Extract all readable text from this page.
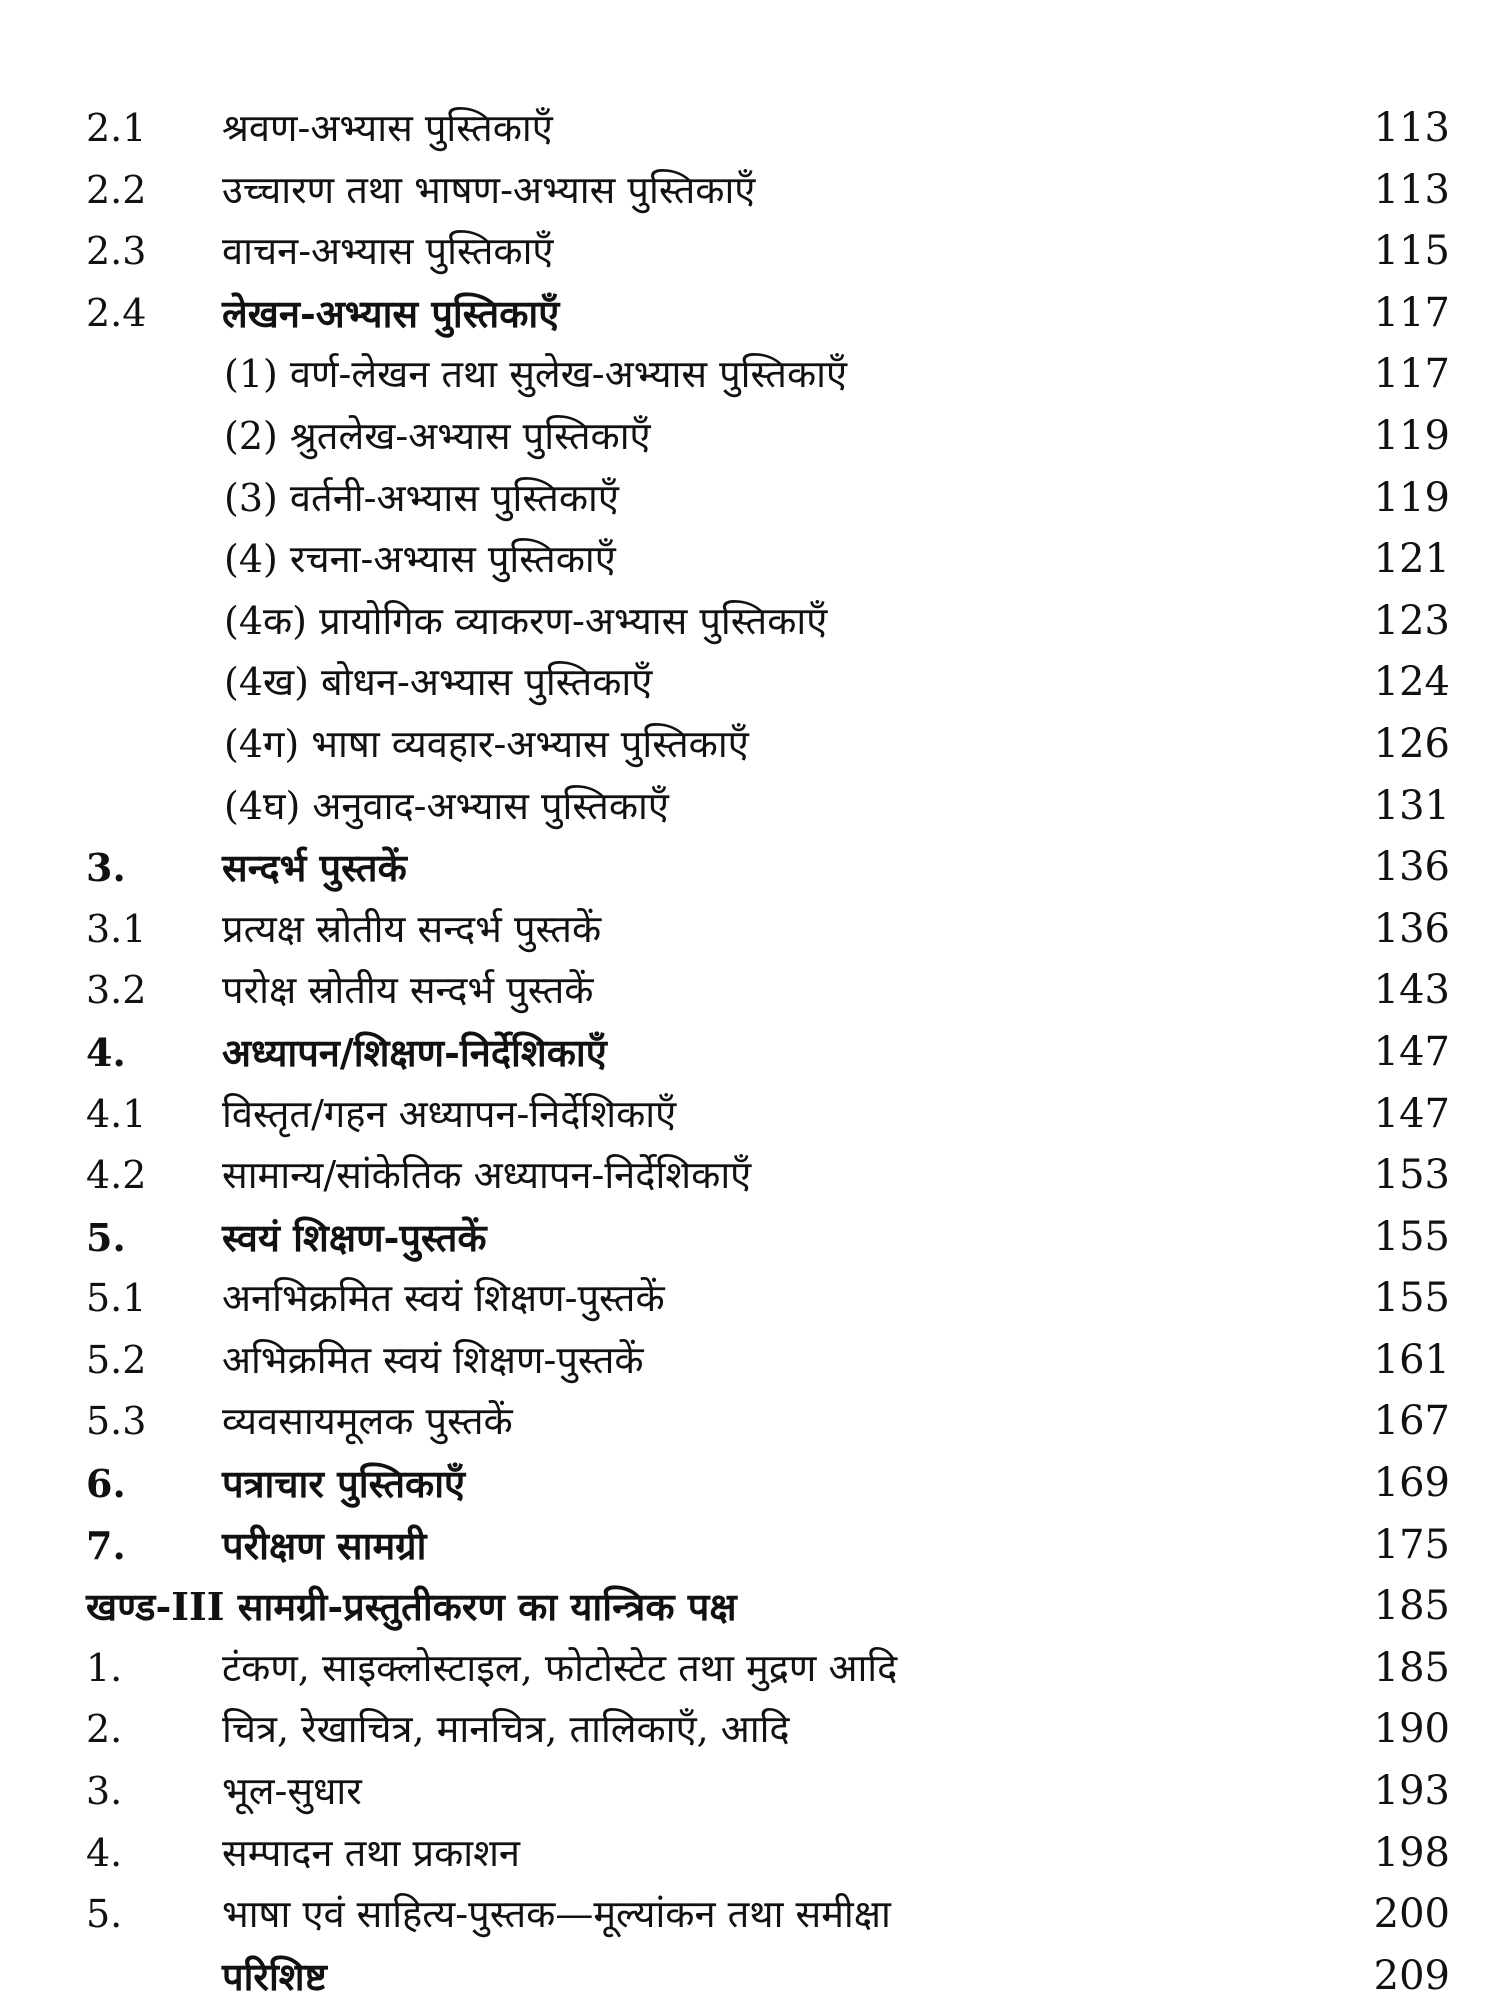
2.1 श्रवण-अभ्यास पुस्तिकाएँ	113
2.2 उच्चारण तथा भाषण-अभ्यास पुस्तिकाएँ	113
2.3 वाचन-अभ्यास पुस्तिकाएँ	115
2.4 लेखन-अभ्यास पुस्तिकाएँ	117
(1) वर्ण-लेखन तथा सुलेख-अभ्यास पुस्तिकाएँ	117
(2) श्रुतलेख-अभ्यास पुस्तिकाएँ	119
(3) वर्तनी-अभ्यास पुस्तिकाएँ	119
(4) रचना-अभ्यास पुस्तिकाएँ	121
(4क) प्रायोगिक व्याकरण-अभ्यास पुस्तिकाएँ	123
(4ख) बोधन-अभ्यास पुस्तिकाएँ	124
(4ग) भाषा व्यवहार-अभ्यास पुस्तिकाएँ	126
(4घ) अनुवाद-अभ्यास पुस्तिकाएँ	131
3.	सन्दर्भ पुस्तकें	136
3.1 प्रत्यक्ष स्रोतीय सन्दर्भ पुस्तकें	136
3.2 परोक्ष स्रोतीय सन्दर्भ पुस्तकें	143
4.	अध्यापन/शिक्षण-निर्देशिकाएँ	147
4.1 विस्तृत/गहन अध्यापन-निर्देशिकाएँ	147
4.2 सामान्य/सांकेतिक अध्यापन-निर्देशिकाएँ	153
5.	स्वयं शिक्षण-पुस्तकें	155
5.1 अनभिक्रमित स्वयं शिक्षण-पुस्तकें	155
5.2 अभिक्रमित स्वयं शिक्षण-पुस्तकें	161
5.3 व्यवसायमूलक पुस्तकें	167
6.	पत्राचार पुस्तिकाएँ	169
7.	परीक्षण सामग्री	175
खण्ड-III सामग्री-प्रस्तुतीकरण का यान्त्रिक पक्ष	185
1.	टंकण, साइक्लोस्टाइल, फोटोस्टेट तथा मुद्रण आदि	185
2.	चित्र, रेखाचित्र, मानचित्र, तालिकाएँ, आदि	190
3.	भूल-सुधार	193
4.	सम्पादन तथा प्रकाशन	198
5.	भाषा एवं साहित्य-पुस्तक—मूल्यांकन तथा समीक्षा	200
परिशिष्ट	209
